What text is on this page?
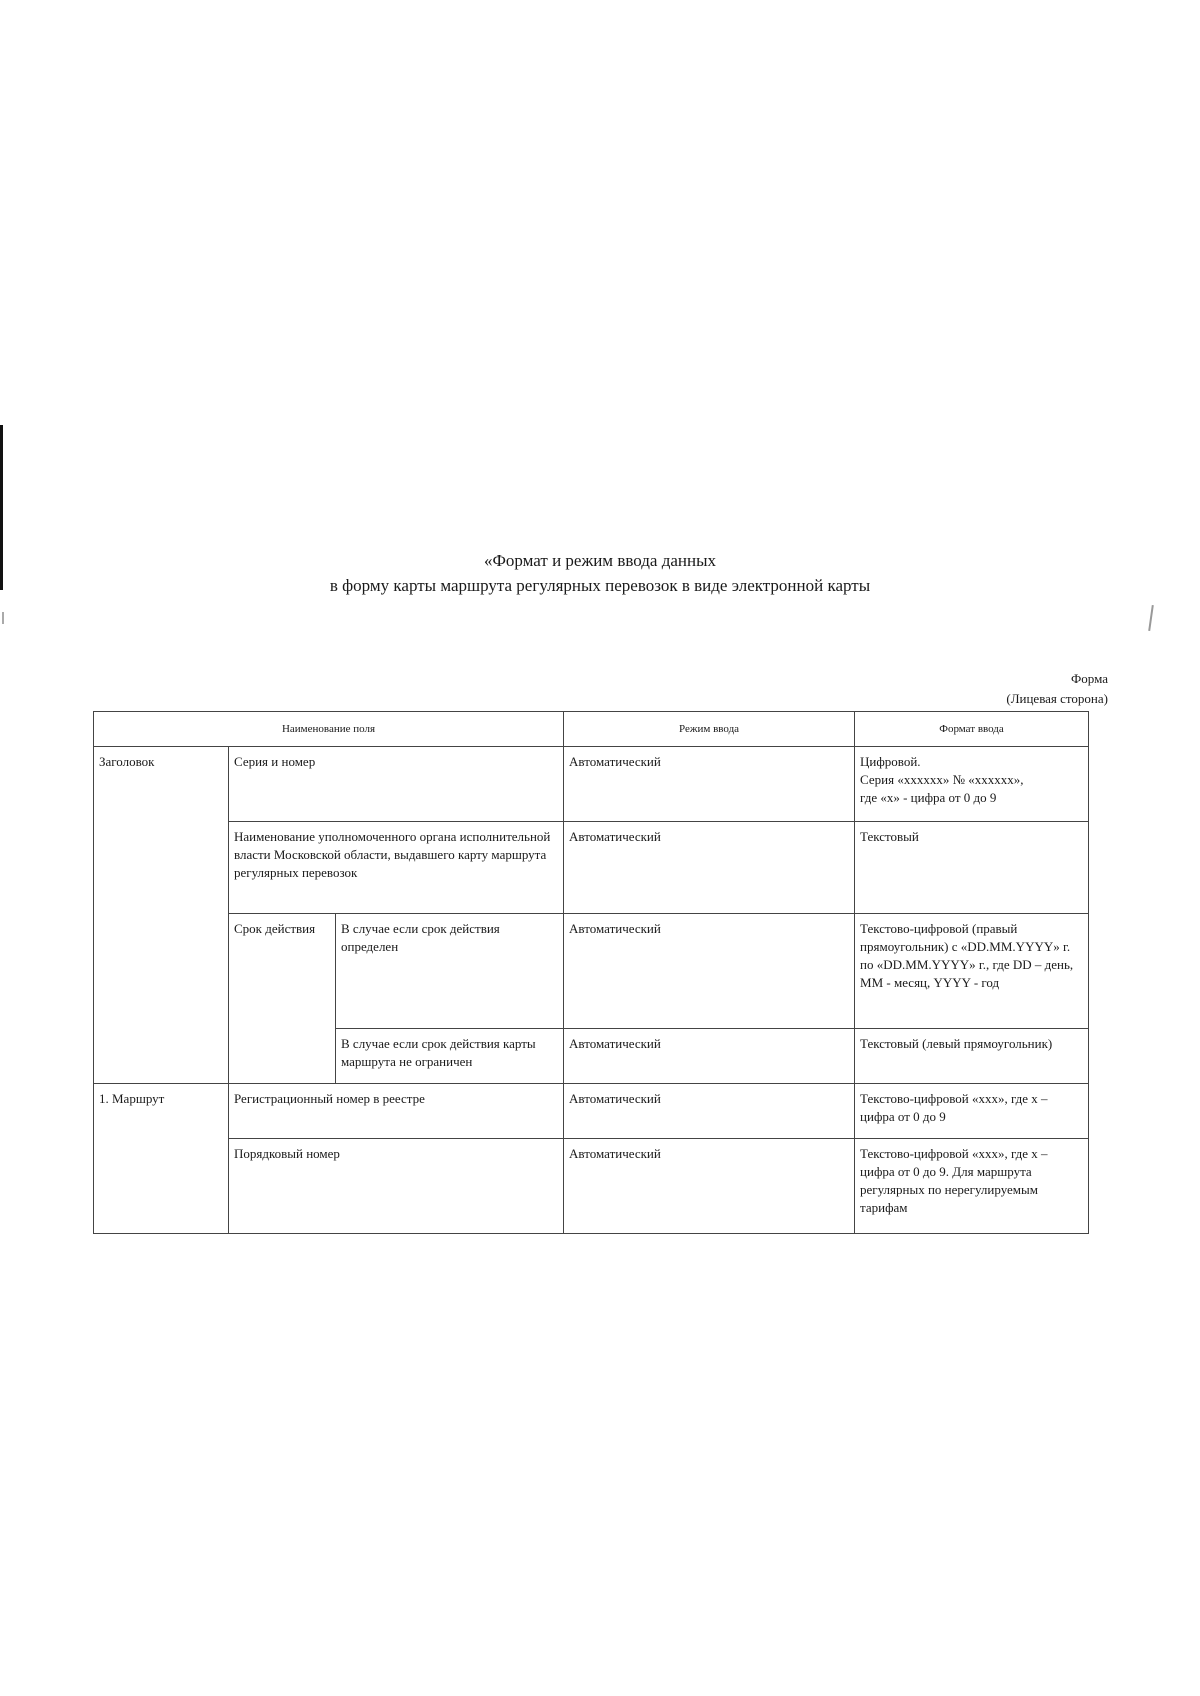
«Формат и режим ввода данных
в форму карты маршрута регулярных перевозок в виде электронной карты
Форма
(Лицевая сторона)
Наименование поля			Режим ввода	Формат ввода

Заголовок	Серия и номер		Автоматический	Цифровой.
Серия «хххххх» № «хххххх»,
где «х» - цифра от 0 до 9

	Наименование уполномоченного органа исполнительной власти Московской области, выдавшего карту маршрута регулярных перевозок		Автоматический	Текстовый

	Срок действия	В случае если срок действия определен	Автоматический	Текстово-цифровой (правый прямоугольник) с «DD.MM.YYYY» г. по «DD.MM.YYYY» г., где DD – день, MM - месяц, YYYY - год

		В случае если срок действия карты маршрута не ограничен	Автоматический	Текстовый (левый прямоугольник)

1. Маршрут	Регистрационный номер в реестре		Автоматический	Текстово-цифровой «ххх», где х – цифра от 0 до 9

	Порядковый номер		Автоматический	Текстово-цифровой «ххх», где х – цифра от 0 до 9. Для маршрута регулярных по нерегулируемым тарифам
